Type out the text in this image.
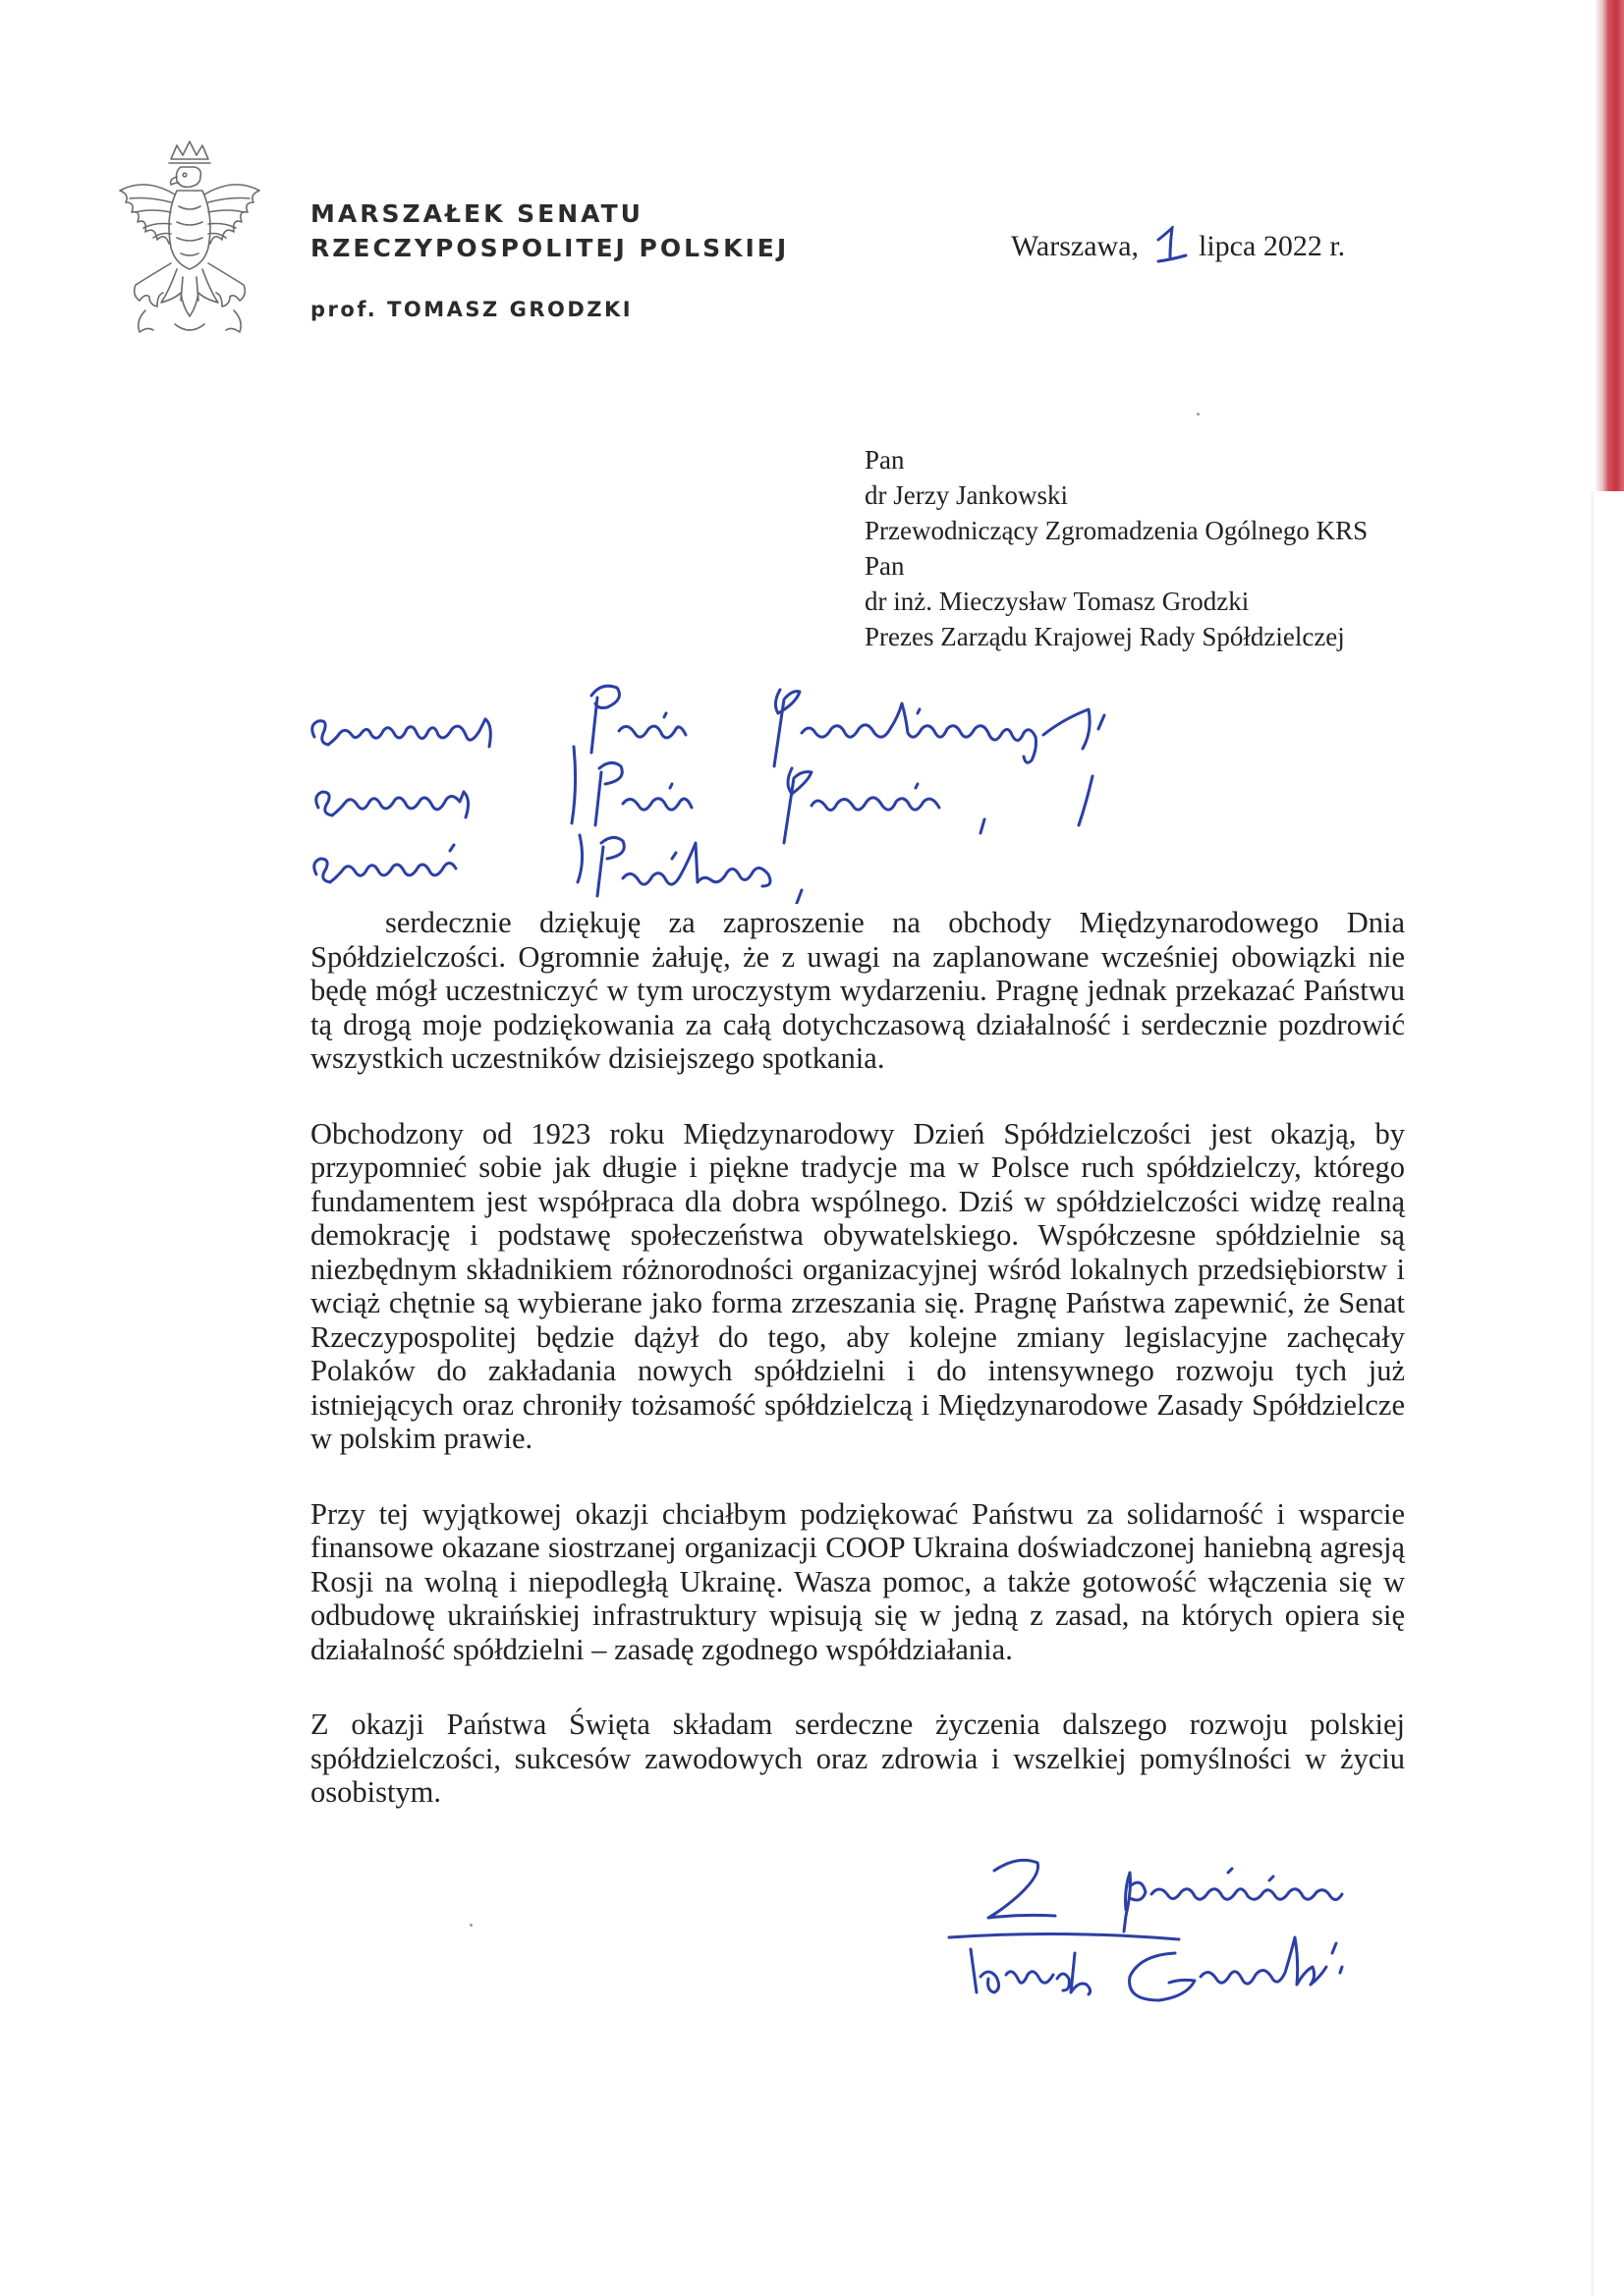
MARSZAŁEK SENATU
RZECZYPOSPOLITEJ POLSKIEJ
prof. TOMASZ GRODZKI
Warszawa, lipca 2022 r.
Pan
dr Jerzy Jankowski
Przewodniczący Zgromadzenia Ogólnego KRS
Pan
dr inż. Mieczysław Tomasz Grodzki
Prezes Zarządu Krajowej Rady Spółdzielczej
Szanowny Panie Przewodniczący,

serdecznie dziękuję za zaproszenie na obchody Międzynarodowego Dnia Spółdzielczości. Ogromnie żałuję, że z uwagi na zaplanowane wcześniej obowiązki nie będę mógł uczestniczyć w tym uroczystym wydarzeniu. Pragnę jednak przekazać Państwu tą drogą moje podziękowania za całą dotychczasową działalność i serdecznie pozdrowić wszystkich uczestników dzisiejszego spotkania.

Obchodzony od 1923 roku Międzynarodowy Dzień Spółdzielczości jest okazją, by przypomnieć sobie jak długie i piękne tradycje ma w Polsce ruch spółdzielczy, którego fundamentem jest współpraca dla dobra wspólnego. Dziś w spółdzielczości widzę realną demokrację i podstawę społeczeństwa obywatelskiego. Współczesne spółdzielnie są niezbędnym składnikiem różnorodności organizacyjnej wśród lokalnych przedsiębiorstw i wciąż chętnie są wybierane jako forma zrzeszania się. Pragnę Państwa zapewnić, że Senat Rzeczypospolitej będzie dążył do tego, aby kolejne zmiany legislacyjne zachęcały Polaków do zakładania nowych spółdzielni i do intensywnego rozwoju tych już istniejących oraz chroniły tożsamość spółdzielczą i Międzynarodowe Zasady Spółdzielcze w polskim prawie.

Przy tej wyjątkowej okazji chciałbym podziękować Państwu za solidarność i wsparcie finansowe okazane siostrzanej organizacji COOP Ukraina doświadczonej haniebną agresją Rosji na wolną i niepodległą Ukrainę. Wasza pomoc, a także gotowość włączenia się w odbudowę ukraińskiej infrastruktury wpisują się w jedną z zasad, na których opiera się działalność spółdzielni – zasadę zgodnego współdziałania.

Z okazji Państwa Święta składam serdeczne życzenia dalszego rozwoju polskiej spółdzielczości, sukcesów zawodowych oraz zdrowia i wszelkiej pomyślności w życiu osobistym.
